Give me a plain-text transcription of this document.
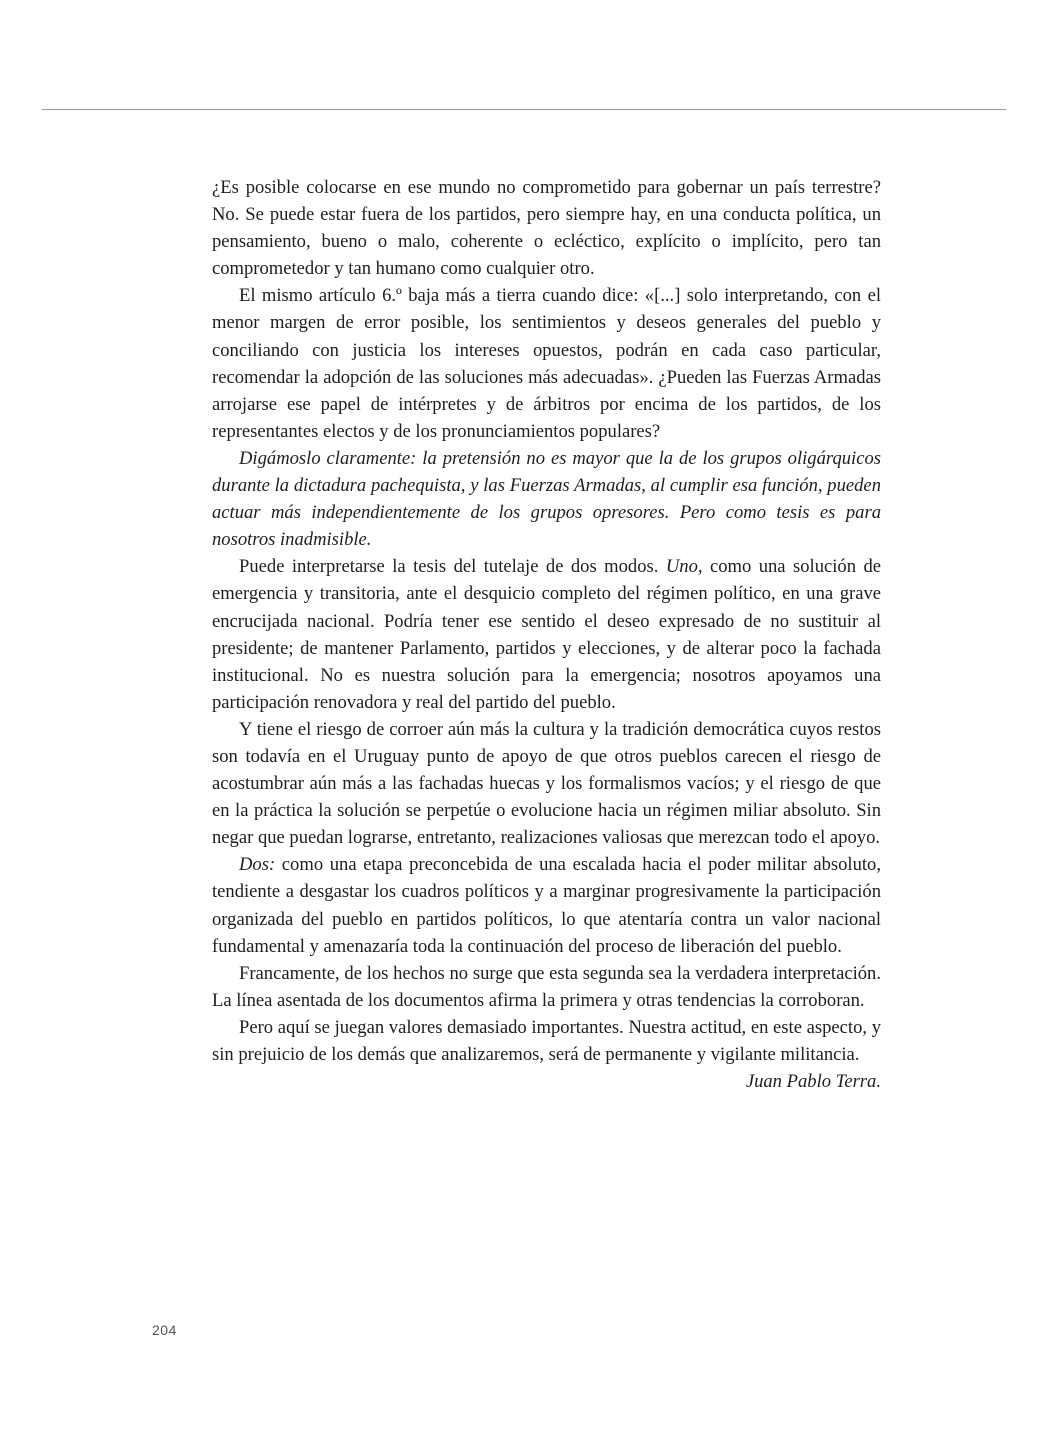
¿Es posible colocarse en ese mundo no comprometido para gobernar un país terrestre? No. Se puede estar fuera de los partidos, pero siempre hay, en una conducta política, un pensamiento, bueno o malo, coherente o ecléctico, explícito o implícito, pero tan comprometedor y tan humano como cualquier otro.

El mismo artículo 6.º baja más a tierra cuando dice: «[...] solo interpretando, con el menor margen de error posible, los sentimientos y deseos generales del pueblo y conciliando con justicia los intereses opuestos, podrán en cada caso particular, recomendar la adopción de las soluciones más adecuadas». ¿Pueden las Fuerzas Armadas arrojarse ese papel de intérpretes y de árbitros por encima de los partidos, de los representantes electos y de los pronunciamientos populares?

Digámoslo claramente: la pretensión no es mayor que la de los grupos oligárquicos durante la dictadura pachequista, y las Fuerzas Armadas, al cumplir esa función, pueden actuar más independientemente de los grupos opresores. Pero como tesis es para nosotros inadmisible.

Puede interpretarse la tesis del tutelaje de dos modos. Uno, como una solución de emergencia y transitoria, ante el desquicio completo del régimen político, en una grave encrucijada nacional. Podría tener ese sentido el deseo expresado de no sustituir al presidente; de mantener Parlamento, partidos y elecciones, y de alterar poco la fachada institucional. No es nuestra solución para la emergencia; nosotros apoyamos una participación renovadora y real del partido del pueblo.

Y tiene el riesgo de corroer aún más la cultura y la tradición democrática cuyos restos son todavía en el Uruguay punto de apoyo de que otros pueblos carecen el riesgo de acostumbrar aún más a las fachadas huecas y los formalismos vacíos; y el riesgo de que en la práctica la solución se perpetúe o evolucione hacia un régimen miliar absoluto. Sin negar que puedan lograrse, entretanto, realizaciones valiosas que merezcan todo el apoyo.

Dos: como una etapa preconcebida de una escalada hacia el poder militar absoluto, tendiente a desgastar los cuadros políticos y a marginar progresivamente la participación organizada del pueblo en partidos políticos, lo que atentaría contra un valor nacional fundamental y amenazaría toda la continuación del proceso de liberación del pueblo.

Francamente, de los hechos no surge que esta segunda sea la verdadera interpretación. La línea asentada de los documentos afirma la primera y otras tendencias la corroboran.

Pero aquí se juegan valores demasiado importantes. Nuestra actitud, en este aspecto, y sin prejuicio de los demás que analizaremos, será de permanente y vigilante militancia.

Juan Pablo Terra.

204
